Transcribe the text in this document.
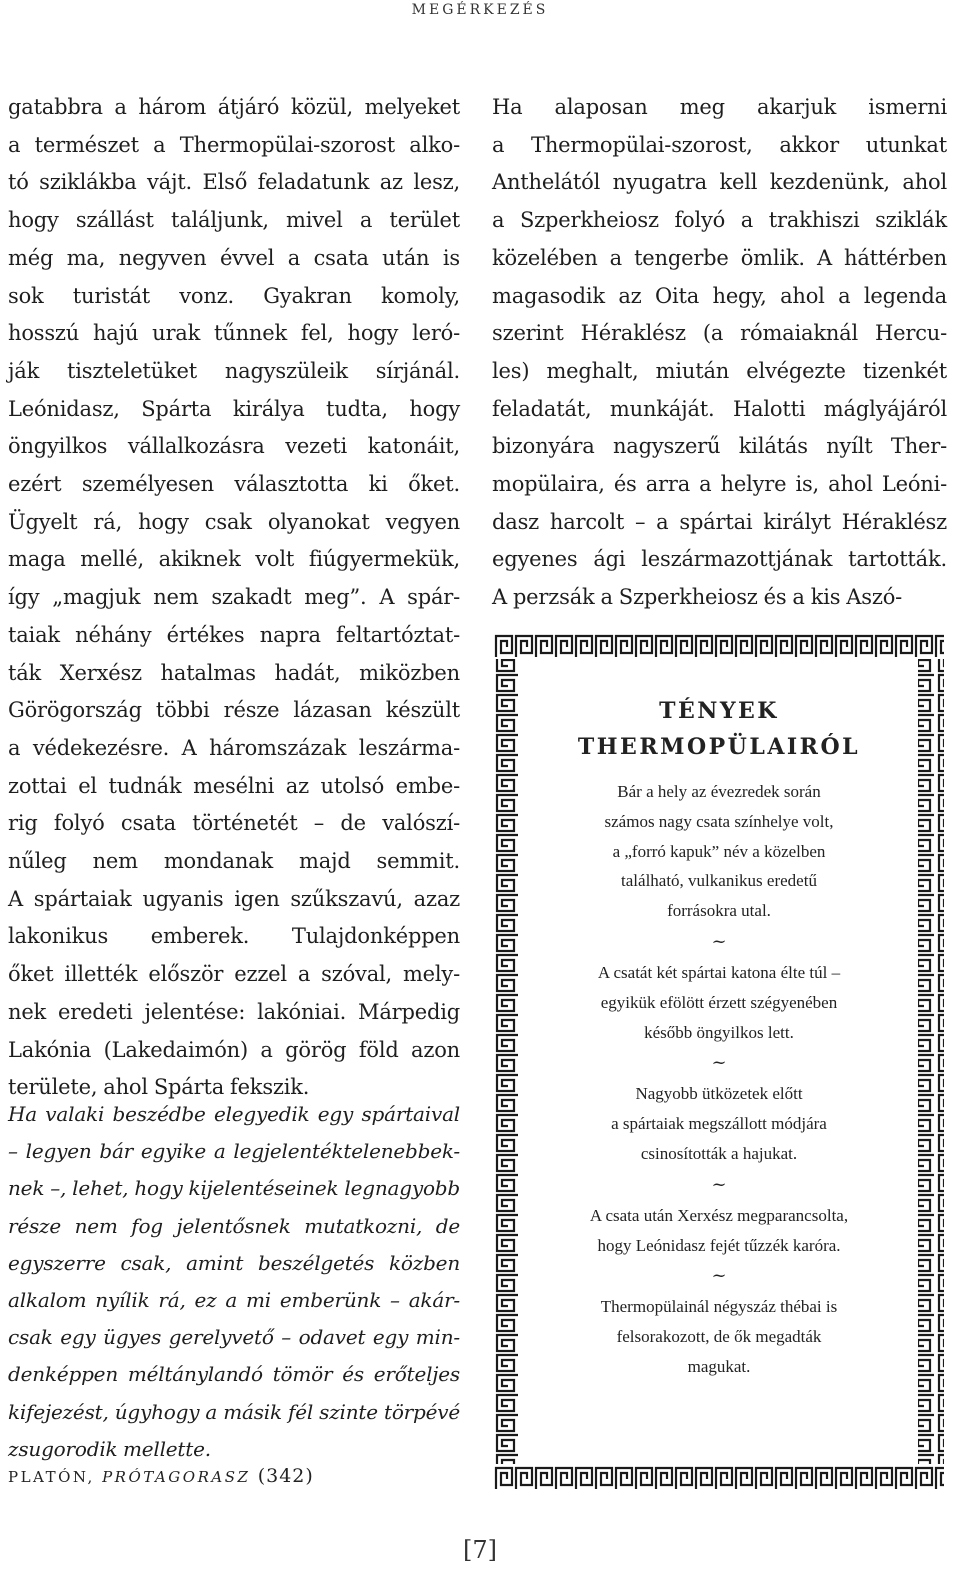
MEGÉRKEZÉS

gatabbra a három átjáró közül, melyeket
a természet a Thermopülai-szorost alko-
tó sziklákba vájt. Első feladatunk az lesz,
hogy szállást találjunk, mivel a terület
még ma, negyven évvel a csata után is
sok turistát vonz. Gyakran komoly,
hosszú hajú urak tűnnek fel, hogy leró-
ják tiszteletüket nagyszüleik sírjánál.
Leónidasz, Spárta királya tudta, hogy
öngyilkos vállalkozásra vezeti katonáit,
ezért személyesen választotta ki őket.
Ügyelt rá, hogy csak olyanokat vegyen
maga mellé, akiknek volt fiúgyermekük,
így „magjuk nem szakadt meg”. A spár-
taiak néhány értékes napra feltartóztat-
ták Xerxész hatalmas hadát, miközben
Görögország többi része lázasan készült
a védekezésre. A háromszázak leszárma-
zottai el tudnák mesélni az utolsó embe-
rig folyó csata történetét – de valószí-
nűleg nem mondanak majd semmit.
A spártaiak ugyanis igen szűkszavú, azaz
lakonikus emberek. Tulajdonképpen
őket illették először ezzel a szóval, mely-
nek eredeti jelentése: lakóniai. Márpedig
Lakónia (Lakedaimón) a görög föld azon
területe, ahol Spárta fekszik.

Ha valaki beszédbe elegyedik egy spártaival
– legyen bár egyike a legjelentéktelenebbek-
nek –, lehet, hogy kijelentéseinek legnagyobb
része nem fog jelentősnek mutatkozni, de
egyszerre csak, amint beszélgetés közben
alkalom nyílik rá, ez a mi emberünk – akár-
csak egy ügyes gerelyvető – odavet egy min-
denképpen méltánylandó tömör és erőteljes
kifejezést, úgyhogy a másik fél szinte törpévé
zsugorodik mellette.
PLATÓN, PRÓTAGORASZ (342)

Ha alaposan meg akarjuk ismerni
a Thermopülai-szorost, akkor utunkat
Anthelától nyugatra kell kezdenünk, ahol
a Szperkheiosz folyó a trakhiszi sziklák
közelében a tengerbe ömlik. A háttérben
magasodik az Oita hegy, ahol a legenda
szerint Héraklész (a rómaiaknál Hercu-
les) meghalt, miután elvégezte tizenkét
feladatát, munkáját. Halotti máglyájáról
bizonyára nagyszerű kilátás nyílt Ther-
mopülaira, és arra a helyre is, ahol Leóni-
dasz harcolt – a spártai királyt Héraklész
egyenes ági leszármazottjának tartották.
A perzsák a Szperkheiosz és a kis Aszó-

TÉNYEK
THERMOPÜLAIRÓL

Bár a hely az évezredek során
számos nagy csata színhelye volt,
a „forró kapuk” név a közelben
található, vulkanikus eredetű
forrásokra utal.

~

A csatát két spártai katona élte túl –
egyikük efölött érzett szégyenében
később öngyilkos lett.

~

Nagyobb ütközetek előtt
a spártaiak megszállott módjára
csinosították a hajukat.

~

A csata után Xerxész megparancsolta,
hogy Leónidasz fejét tűzzék karóra.

~

Thermopülainál négyszáz thébai is
felsorakozott, de ők megadták
magukat.

[7]
